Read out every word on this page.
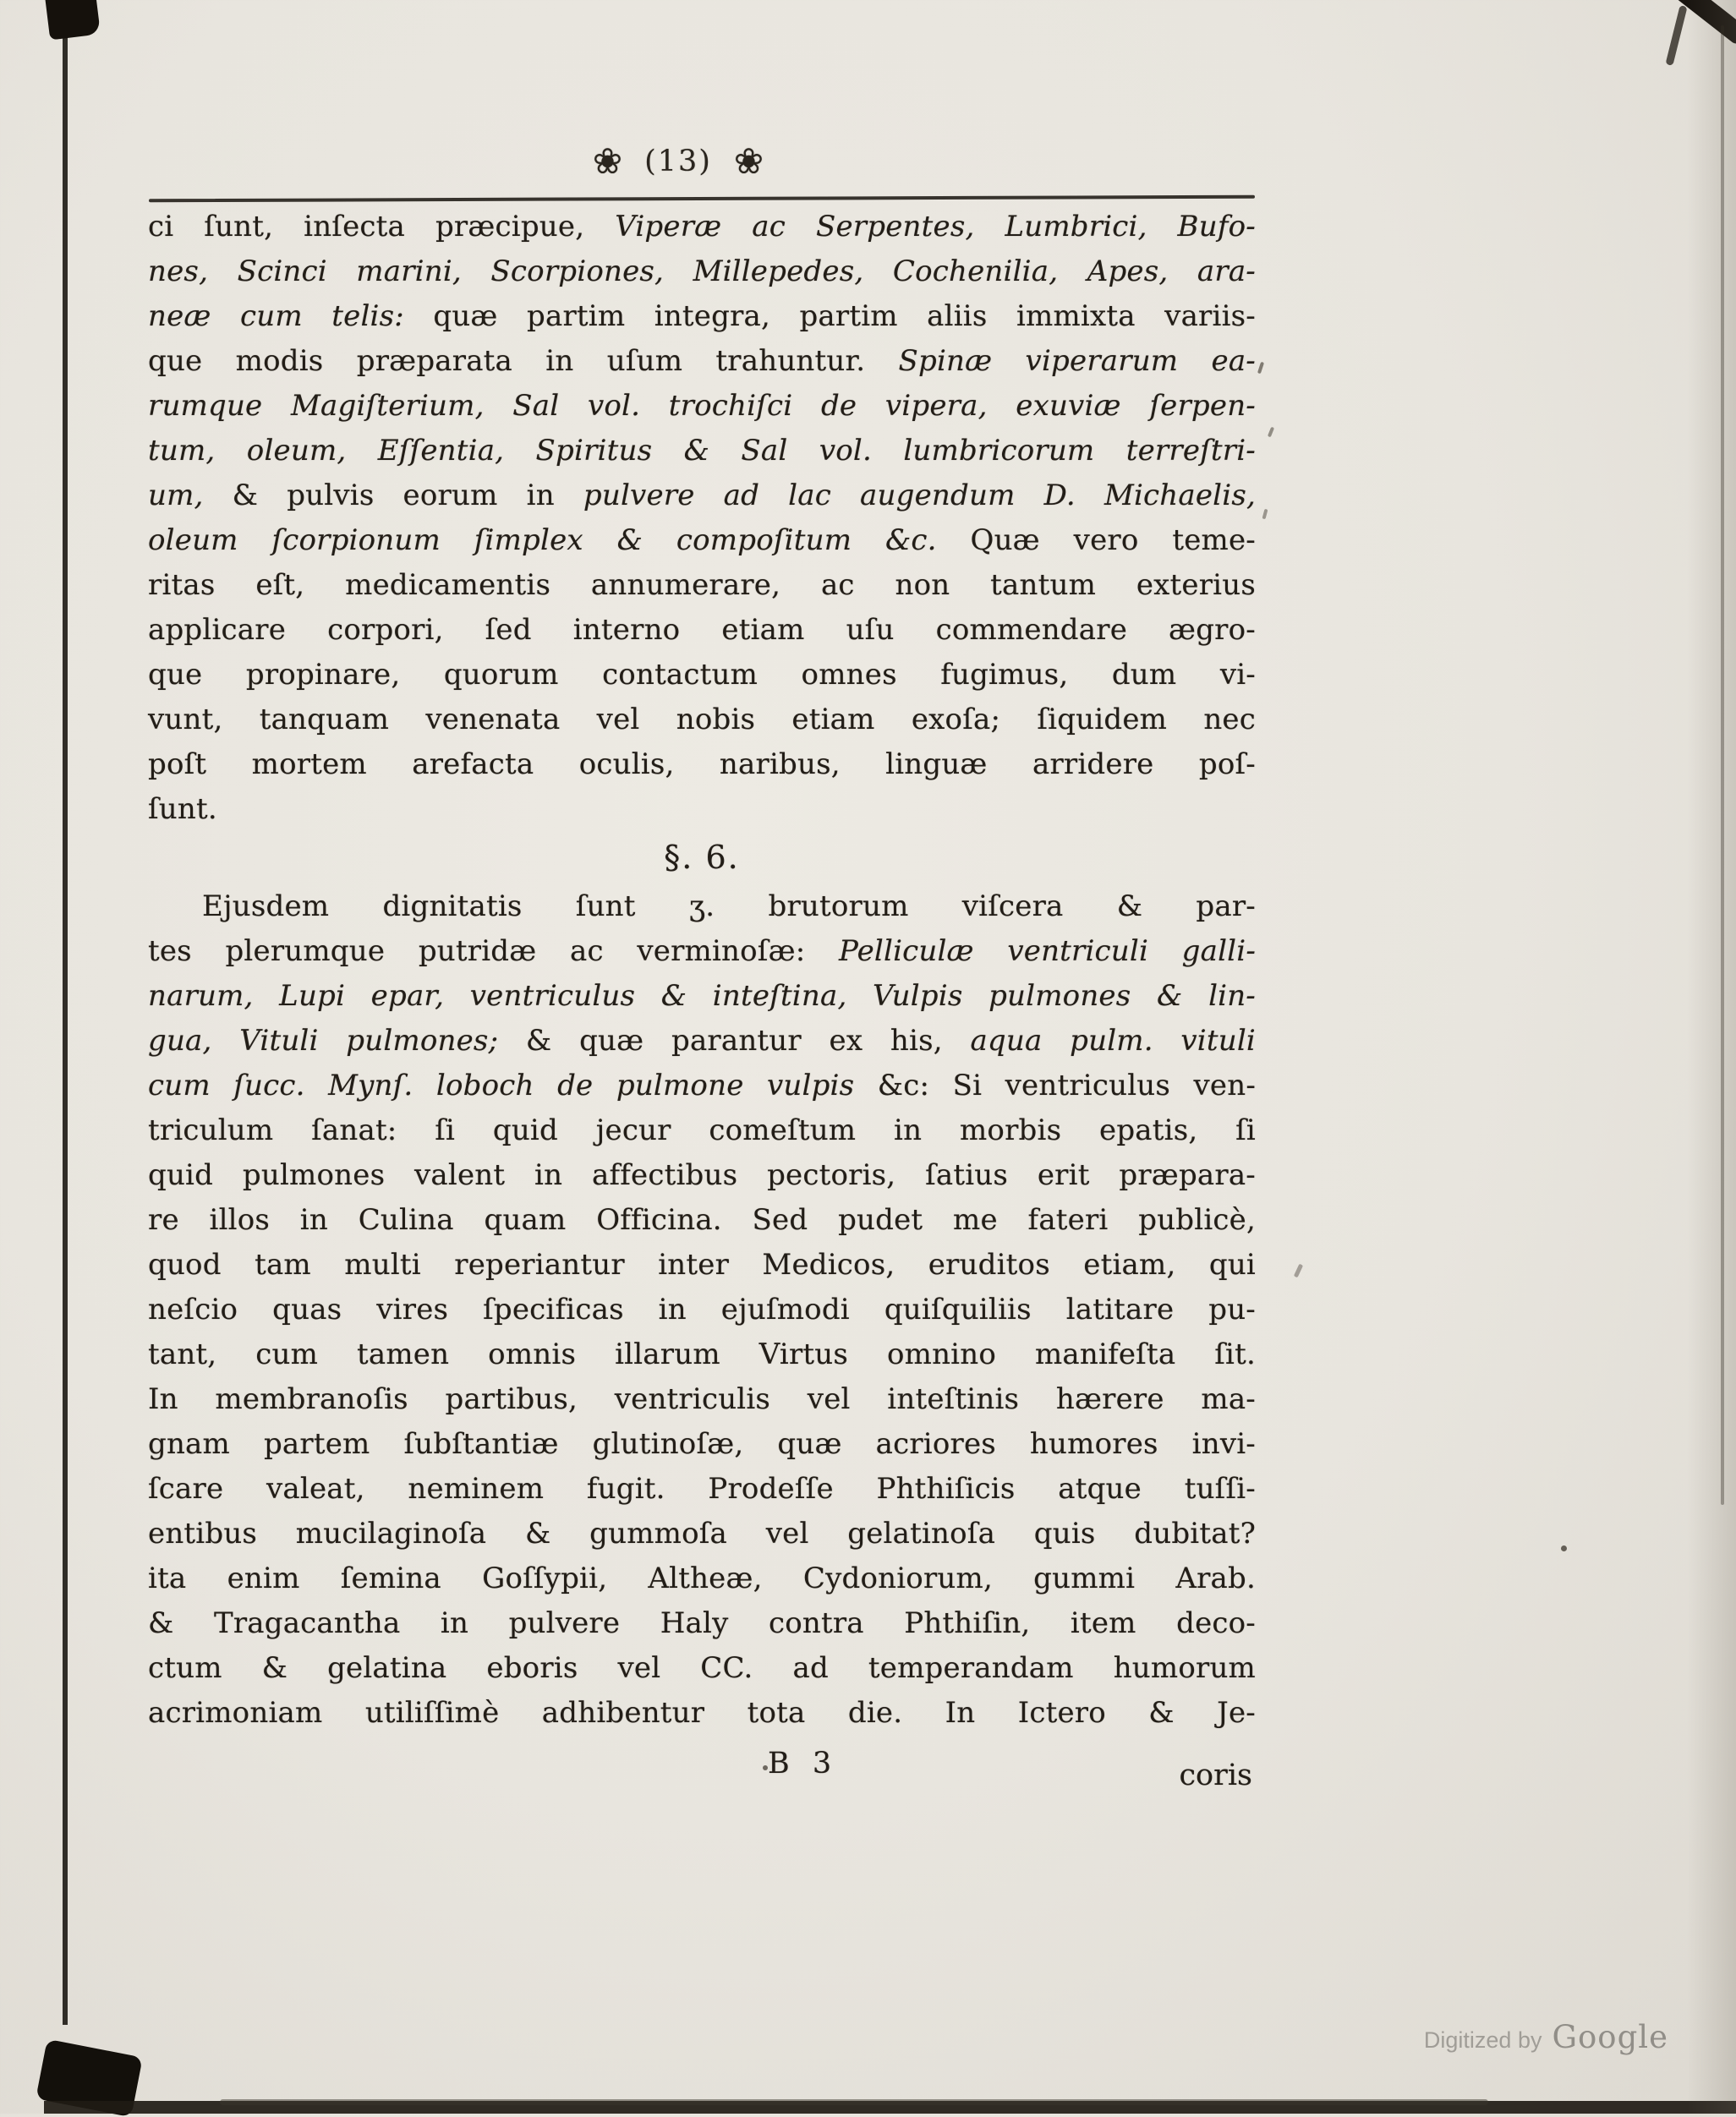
❀ (13) ❀
ci ſunt, inſecta præcipue, Viperæ ac Serpentes, Lumbrici, Bufo-
nes, Scinci marini, Scorpiones, Millepedes, Cochenilia, Apes, ara-
neæ cum telis: quæ partim integra, partim aliis immixta variis-
que modis præparata in uſum trahuntur. Spinæ viperarum ea-
rumque Magiſterium, Sal vol. trochiſci de vipera, exuviæ ſerpen-
tum, oleum, Eſſentia, Spiritus & Sal vol. lumbricorum terreſtri-
um, & pulvis eorum in pulvere ad lac augendum D. Michaelis,
oleum ſcorpionum ſimplex & compoſitum &c. Quæ vero teme-
ritas eſt, medicamentis annumerare, ac non tantum exterius
applicare corpori, ſed interno etiam uſu commendare ægro-
que propinare, quorum contactum omnes fugimus, dum vi-
vunt, tanquam venenata vel nobis etiam exoſa; ſiquidem nec
poſt mortem arefacta oculis, naribus, linguæ arridere poſ-
ſunt.
§. 6.
Ejusdem dignitatis ſunt ʒ. brutorum viſcera & par-
tes plerumque putridæ ac verminoſæ: Pelliculæ ventriculi galli-
narum, Lupi epar, ventriculus & inteſtina, Vulpis pulmones & lin-
gua, Vituli pulmones; & quæ parantur ex his, aqua pulm. vituli
cum ſucc. Mynſ. loboch de pulmone vulpis &c: Si ventriculus ven-
triculum ſanat: ſi quid jecur comeſtum in morbis epatis, ſi
quid pulmones valent in affectibus pectoris, ſatius erit præpara-
re illos in Culina quam Officina. Sed pudet me fateri publicè,
quod tam multi reperiantur inter Medicos, eruditos etiam, qui
neſcio quas vires ſpecificas in ejuſmodi quiſquiliis latitare pu-
tant, cum tamen omnis illarum Virtus omnino manifeſta ſit.
In membranoſis partibus, ventriculis vel inteſtinis hærere ma-
gnam partem ſubſtantiæ glutinoſæ, quæ acriores humores invi-
ſcare valeat, neminem fugit. Prodeſſe Phthiſicis atque tuſſi-
entibus mucilaginoſa & gummoſa vel gelatinoſa quis dubitat?
ita enim ſemina Goſſypii, Altheæ, Cydoniorum, gummi Arab.
& Tragacantha in pulvere Haly contra Phthiſin, item deco-
ctum & gelatina eboris vel CC. ad temperandam humorum
acrimoniam utiliſſimè adhibentur tota die. In Ictero & Je-
B 3	coris
Digitized by Google
